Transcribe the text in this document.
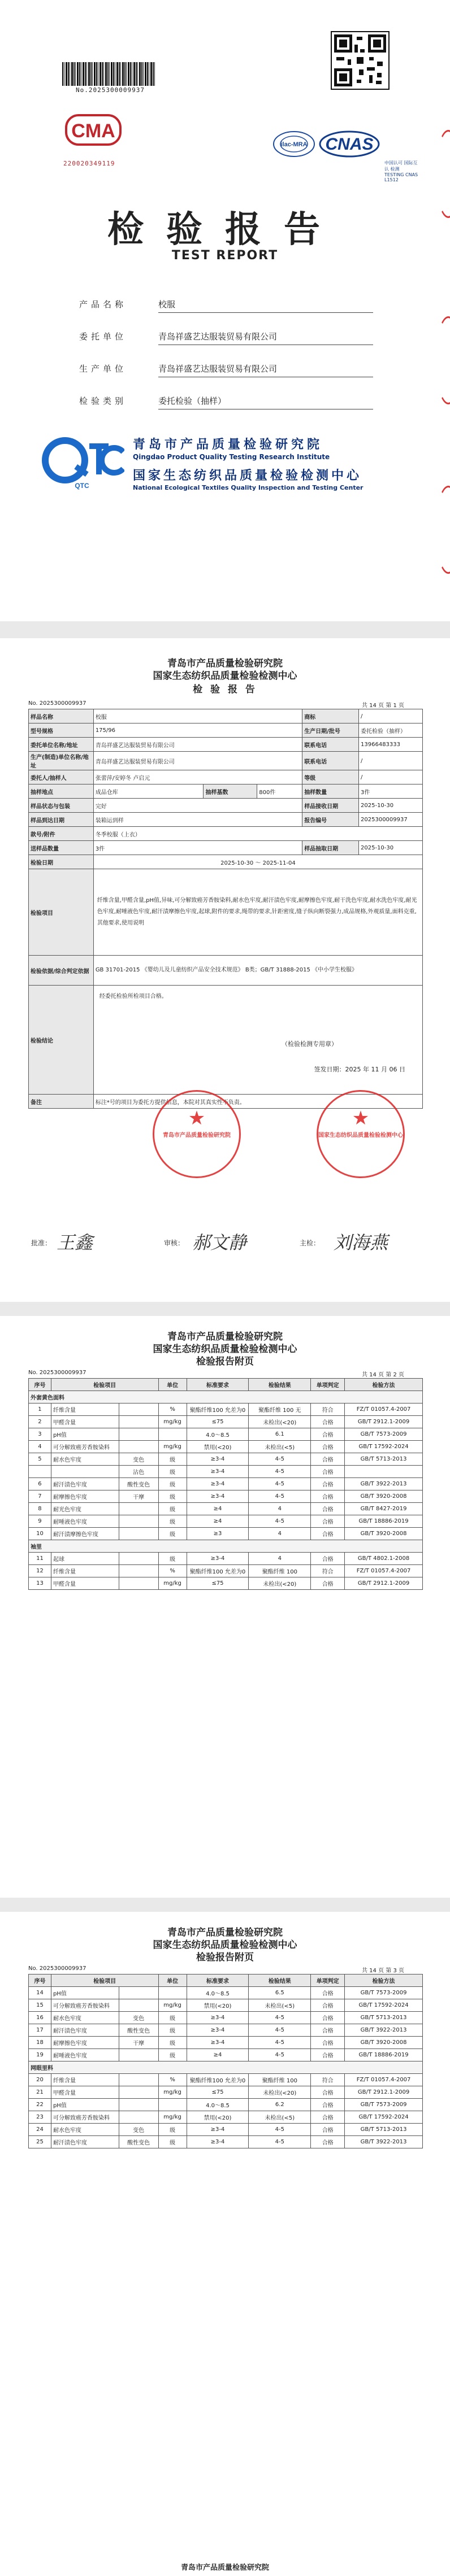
No.2025300009937
CMA
220020349119
ilac-MRA CNAS
中国认可 国际互认 检测 TESTING CNAS L1512
检验报告
TEST REPORT
产品名称	校服
委托单位	青岛祥盛艺达服装贸易有限公司
生产单位	青岛祥盛艺达服装贸易有限公司
检验类别	委托检验（抽样）
QTC
青岛市产品质量检验研究院
Qingdao Product Quality Testing Research Institute
国家生态纺织品质量检验检测中心
National Ecological Textiles Quality Inspection and Testing Center
青岛市产品质量检验研究院
国家生态纺织品质量检验检测中心
检 验 报 告
No. 2025300009937	共 14 页 第 1 页
样品名称	校服			商标	/
型号规格	175/96			生产日期/批号	委托检验（抽样）
委托单位名称/地址	青岛祥盛艺达服装贸易有限公司			联系电话	13966483333
生产(制造)单位名称/地址	青岛祥盛艺达服装贸易有限公司			联系电话	/
委托人/抽样人	张蕾萍/安婷冬 卢启元			等级	/
抽样地点	成品仓库	抽样基数	800件	抽样数量	3件
样品状态与包装	完好			样品接收日期	2025-10-30
样品到达日期	装箱运到样			报告编号	2025300009937
款号/附件	冬季校服（上衣）				
送样品数量	3件			样品抽取日期	2025-10-30
检验日期	2025-10-30 ～ 2025-11-04				
检验项目	纤维含量,甲醛含量,pH值,异味,可分解致癌芳香胺染料,耐水色牢度,耐汗渍色牢度,耐摩擦色牢度,耐干洗色牢度,耐水洗色牢度,耐光色牢度,耐唾液色牢度,耐汗渍摩擦色牢度,起球,附件的要求,绳带的要求,针距密度,缝子纵向断裂强力,成品规格,外观质量,面料克重,其他要求,使用说明				
检验依据/综合判定依据	GB 31701-2015 《婴幼儿及儿童纺织产品安全技术规范》 B类；GB/T 31888-2015 《中小学生校服》				
检验结论	经委托检验所检项目合格。
（检验检测专用章）
签发日期：2025 年 11 月 06 日				

备注	标注*号的项目为委托方提供信息，本院对其真实性不负责。				
★
青岛市产品质量检验研究院
★
国家生态纺织品质量检验检测中心
批准： 王鑫	审核： 郝文静	主检： 刘海燕
青岛市产品质量检验研究院
国家生态纺织品质量检验检测中心
检验报告附页
No. 2025300009937	共 14 页 第 2 页
序号	检验项目		单位	标准要求	检验结果	单项判定	检验方法
外套黄色面料							
1	纤维含量		%	聚酯纤维100 允差为0	聚酯纤维 100 无	符合	FZ/T 01057.4-2007
2	甲醛含量		mg/kg	≤75	未检出(<20)	合格	GB/T 2912.1-2009
3	pH值			4.0～8.5	6.1	合格	GB/T 7573-2009
4	可分解致癌芳香胺染料		mg/kg	禁用(<20)	未检出(<5)	合格	GB/T 17592-2024
5	耐水色牢度	变色	级	≥3-4	4-5	合格	GB/T 5713-2013
		沾色	级	≥3-4	4-5	合格	
6	耐汗渍色牢度	酸性变色	级	≥3-4	4-5	合格	GB/T 3922-2013
7	耐摩擦色牢度	干摩	级	≥3-4	4-5	合格	GB/T 3920-2008
8	耐光色牢度		级	≥4	4	合格	GB/T 8427-2019
9	耐唾液色牢度		级	≥4	4-5	合格	GB/T 18886-2019
10	耐汗渍摩擦色牢度		级	≥3	4	合格	GB/T 3920-2008
袖里							
11	起球		级	≥3-4	4	合格	GB/T 4802.1-2008
12	纤维含量		%	聚酯纤维100 允差为0	聚酯纤维 100	符合	FZ/T 01057.4-2007
13	甲醛含量		mg/kg	≤75	未检出(<20)	合格	GB/T 2912.1-2009
青岛市产品质量检验研究院
国家生态纺织品质量检验检测中心
检验报告附页
No. 2025300009937	共 14 页 第 3 页
序号	检验项目		单位	标准要求	检验结果	单项判定	检验方法
14	pH值			4.0～8.5	6.5	合格	GB/T 7573-2009
15	可分解致癌芳香胺染料		mg/kg	禁用(<20)	未检出(<5)	合格	GB/T 17592-2024
16	耐水色牢度	变色	级	≥3-4	4-5	合格	GB/T 5713-2013
17	耐汗渍色牢度	酸性变色	级	≥3-4	4-5	合格	GB/T 3922-2013
18	耐摩擦色牢度	干摩	级	≥3-4	4-5	合格	GB/T 3920-2008
19	耐唾液色牢度		级	≥4	4-5	合格	GB/T 18886-2019
网眼里料							
20	纤维含量		%	聚酯纤维100 允差为0	聚酯纤维 100	符合	FZ/T 01057.4-2007
21	甲醛含量		mg/kg	≤75	未检出(<20)	合格	GB/T 2912.1-2009
22	pH值			4.0～8.5	6.2	合格	GB/T 7573-2009
23	可分解致癌芳香胺染料		mg/kg	禁用(<20)	未检出(<5)	合格	GB/T 17592-2024
24	耐水色牢度	变色	级	≥3-4	4-5	合格	GB/T 5713-2013
25	耐汗渍色牢度	酸性变色	级	≥3-4	4-5	合格	GB/T 3922-2013
青岛市产品质量检验研究院
